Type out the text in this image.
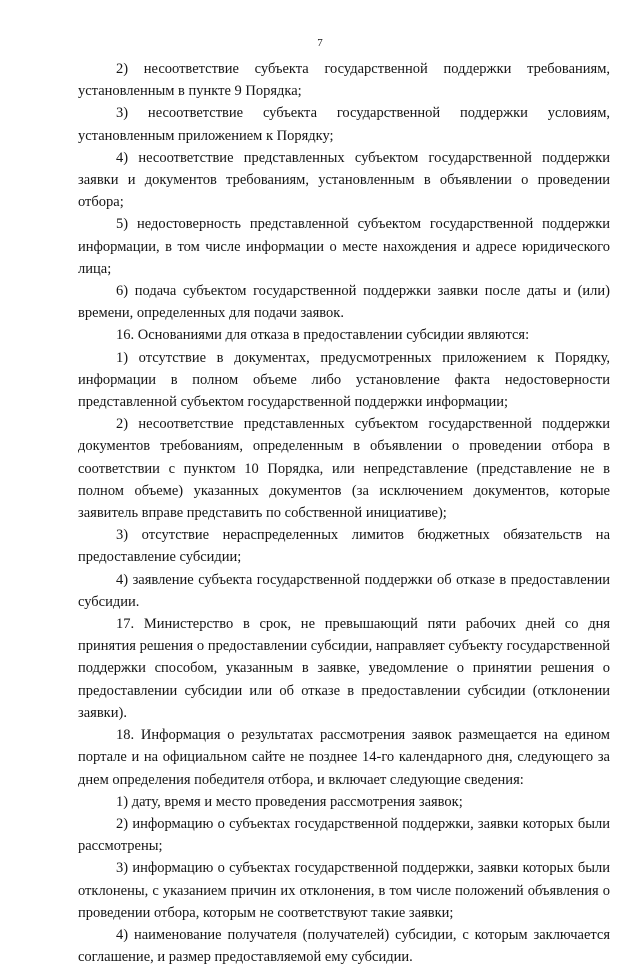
7

2) несоответствие субъекта государственной поддержки требованиям, установленным в пункте 9 Порядка;

3) несоответствие субъекта государственной поддержки условиям, установленным приложением к Порядку;

4) несоответствие представленных субъектом государственной поддержки заявки и документов требованиям, установленным в объявлении о проведении отбора;

5) недостоверность представленной субъектом государственной поддержки информации, в том числе информации о месте нахождения и адресе юридического лица;

6) подача субъектом государственной поддержки заявки после даты и (или) времени, определенных для подачи заявок.

16. Основаниями для отказа в предоставлении субсидии являются:

1) отсутствие в документах, предусмотренных приложением к Порядку, информации в полном объеме либо установление факта недостоверности представленной субъектом государственной поддержки информации;

2) несоответствие представленных субъектом государственной поддержки документов требованиям, определенным в объявлении о проведении отбора в соответствии с пунктом 10 Порядка, или непредставление (представление не в полном объеме) указанных документов (за исключением документов, которые заявитель вправе представить по собственной инициативе);

3) отсутствие нераспределенных лимитов бюджетных обязательств на предоставление субсидии;

4) заявление субъекта государственной поддержки об отказе в предоставлении субсидии.

17. Министерство в срок, не превышающий пяти рабочих дней со дня принятия решения о предоставлении субсидии, направляет субъекту государственной поддержки способом, указанным в заявке, уведомление о принятии решения о предоставлении субсидии или об отказе в предоставлении субсидии (отклонении заявки).

18. Информация о результатах рассмотрения заявок размещается на едином портале и на официальном сайте не позднее 14-го календарного дня, следующего за днем определения победителя отбора, и включает следующие сведения:

1) дату, время и место проведения рассмотрения заявок;

2) информацию о субъектах государственной поддержки, заявки которых были рассмотрены;

3) информацию о субъектах государственной поддержки, заявки которых были отклонены, с указанием причин их отклонения, в том числе положений объявления о проведении отбора, которым не соответствуют такие заявки;

4) наименование получателя (получателей) субсидии, с которым заключается соглашение, и размер предоставляемой ему субсидии.
